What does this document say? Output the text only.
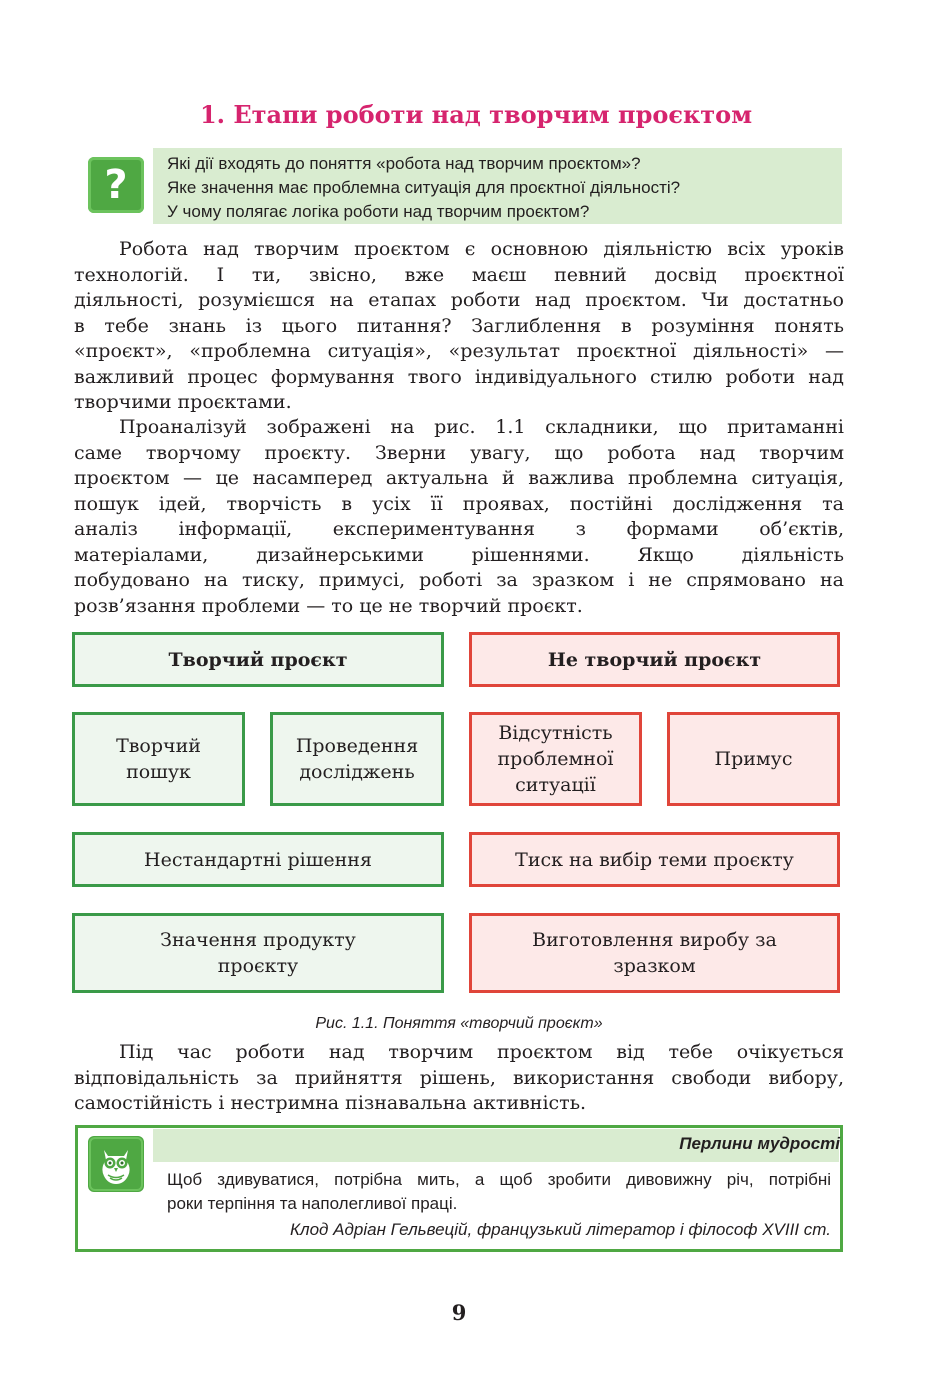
1. Етапи роботи над творчим проєктом
?	Які дії входять до поняття «робота над творчим проєктом»?
Яке значення має проблемна ситуація для проєктної діяльності?
У чому полягає логіка роботи над творчим проєктом?
Робота над творчим проєктом є основною діяльністю всіх уроків
технологій. І ти, звісно, вже маєш певний досвід проєктної
діяльності, розумієшся на етапах роботи над проєктом. Чи достатньо
в тебе знань із цього питання? Заглиблення в розуміння понять
«проєкт», «проблемна ситуація», «результат проєктної діяльності» —
важливий процес формування твого індивідуального стилю роботи над
творчими проєктами.
Проаналізуй зображені на рис. 1.1 складники, що притаманні
саме творчому проєкту. Зверни увагу, що робота над творчим
проєктом — це насамперед актуальна й важлива проблемна ситуація,
пошук ідей, творчість в усіх її проявах, постійні дослідження та
аналіз інформації, експериментування з формами об’єктів,
матеріалами, дизайнерськими рішеннями. Якщо діяльність
побудовано на тиску, примусі, роботі за зразком і не спрямовано на
розв’язання проблеми — то це не творчий проєкт.
Творчий проєкт	Не творчий проєкт
Творчий пошук
Проведення досліджень
Відсутність проблемної ситуації
Примус
Нестандартні рішення	Тиск на вибір теми проєкту
Значення продукту проєкту
Виготовлення виробу за зразком
Рис. 1.1. Поняття «творчий проєкт»
Під час роботи над творчим проєктом від тебе очікується
відповідальність за прийняття рішень, використання свободи вибору,
самостійність і нестримна пізнавальна активність.
Перлини мудрості
Щоб здивуватися, потрібна мить, а щоб зробити дивовижну річ, потрібні
роки терпіння та наполегливої праці.
Клод Адріан Гельвецій, французький літератор і філософ XVIII ст.
9
